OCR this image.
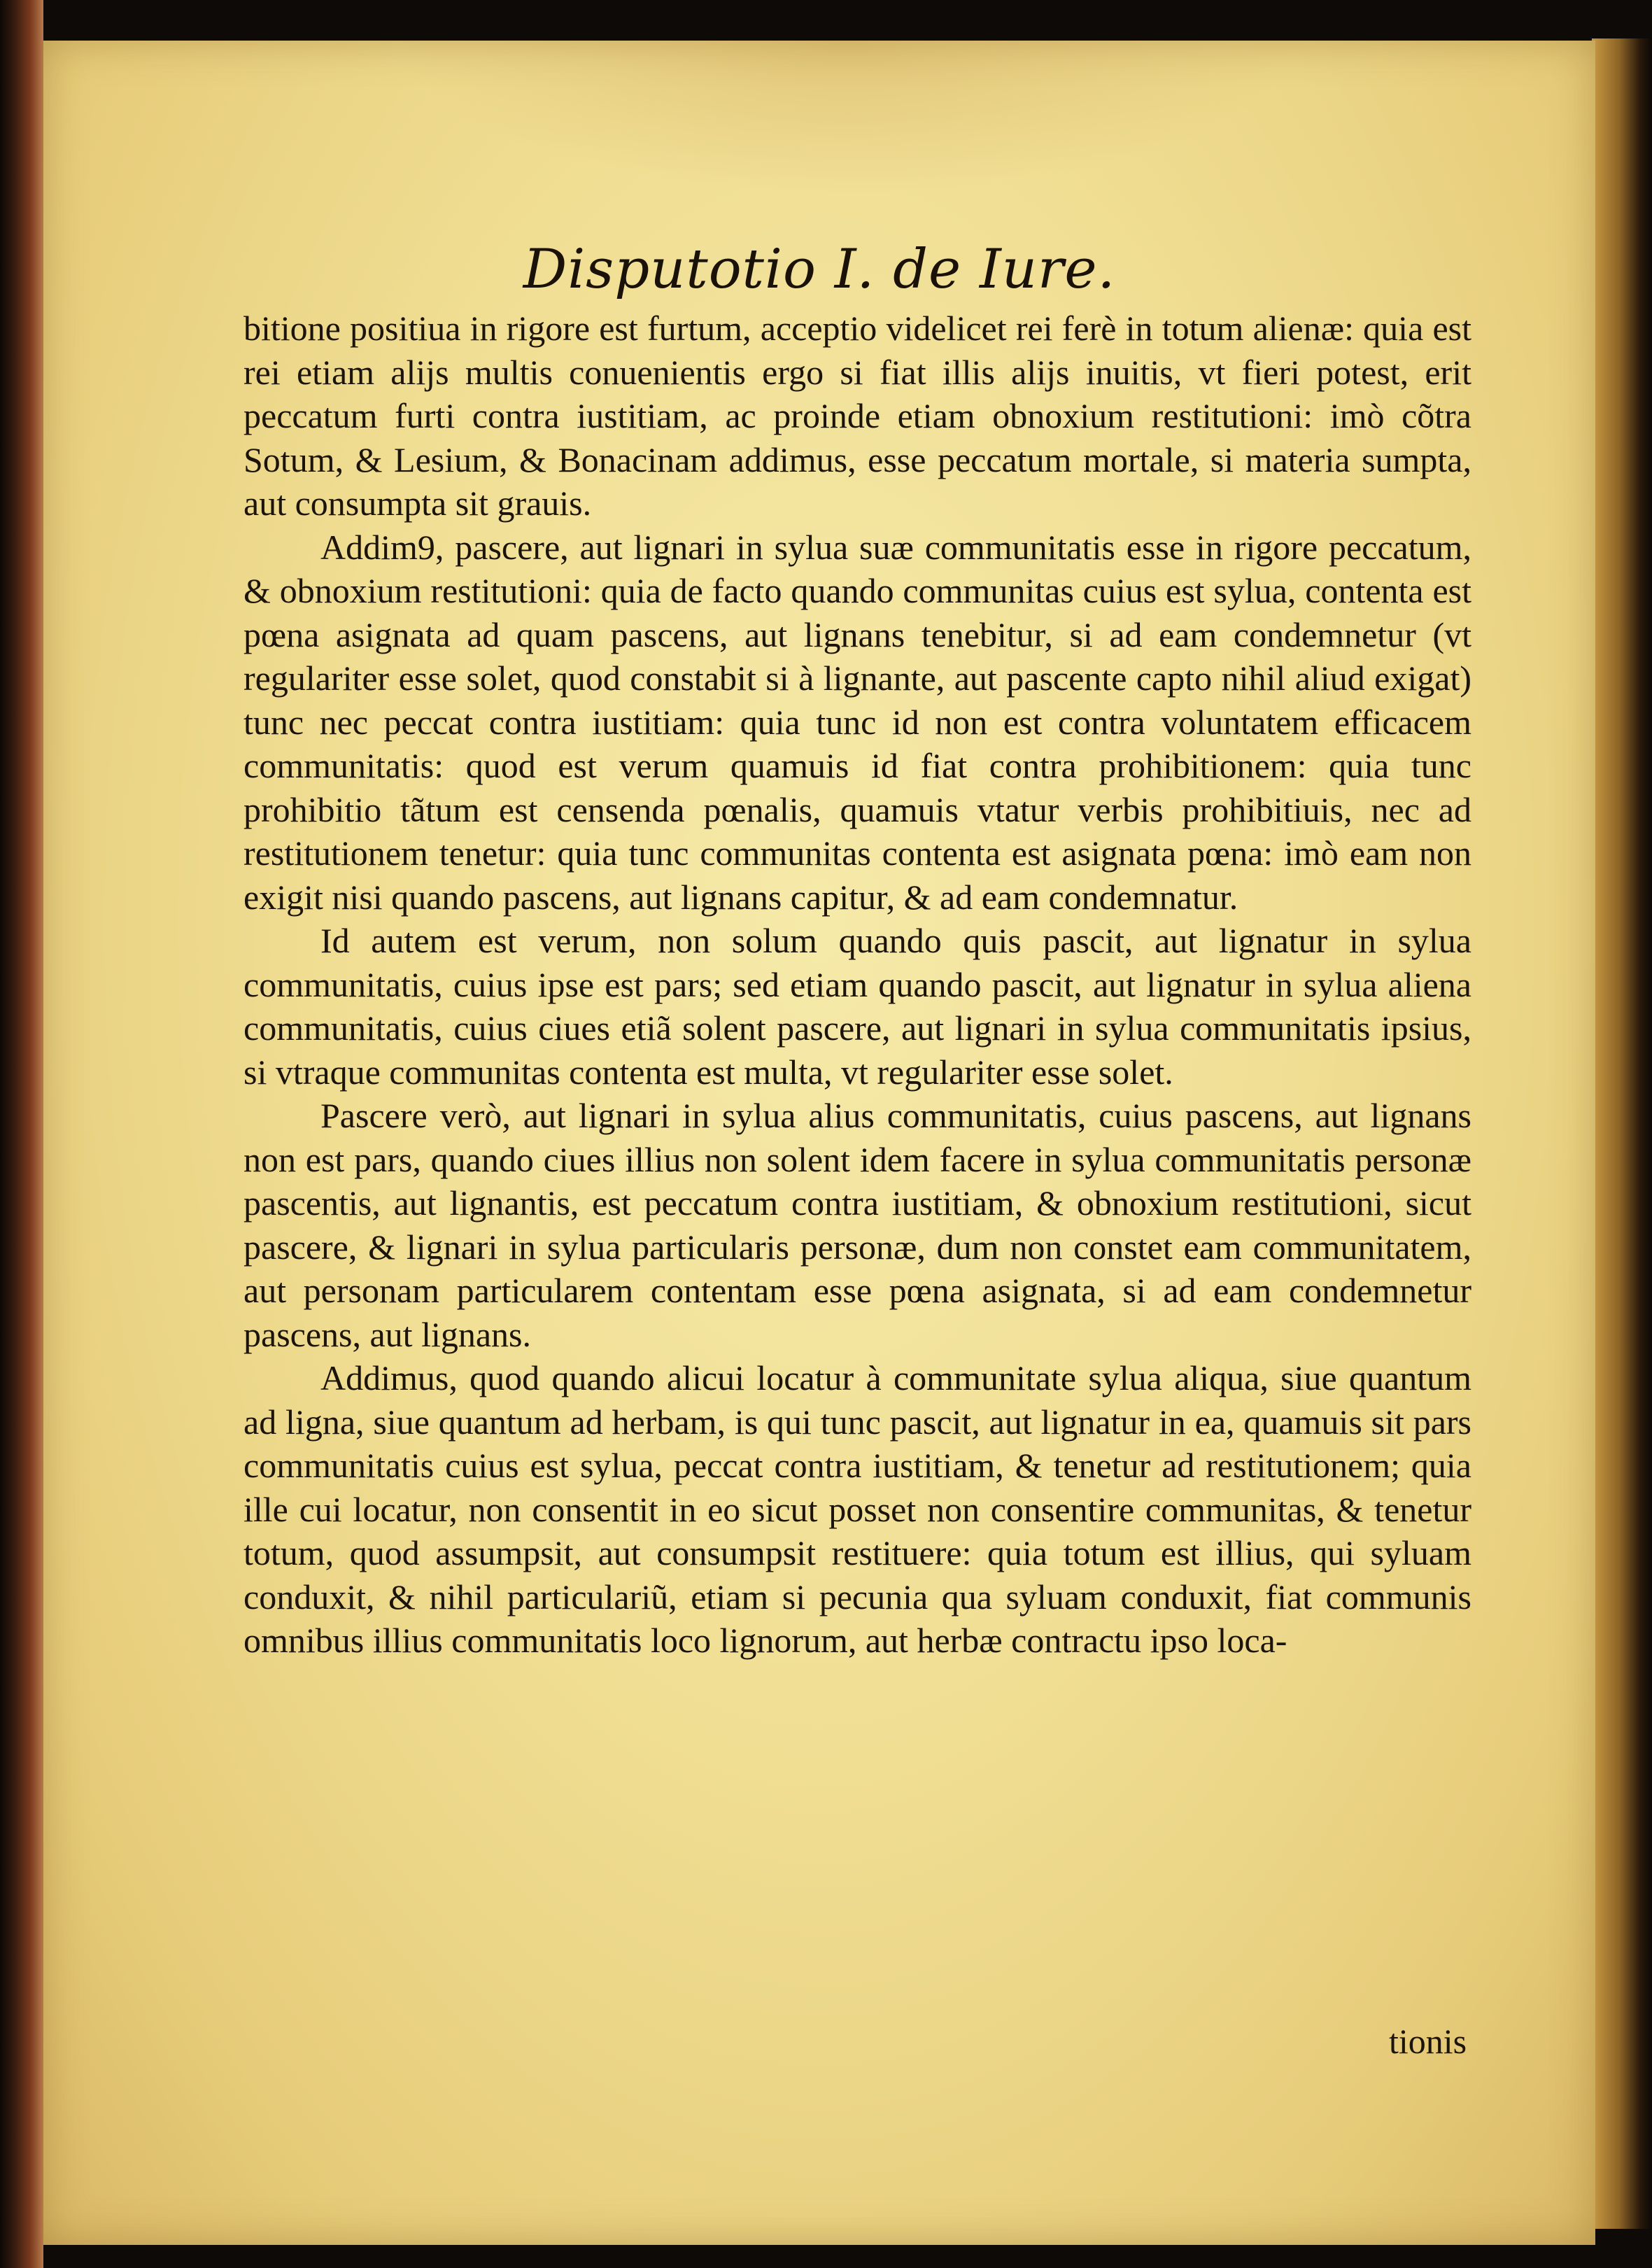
Disputotio I. de Iure.

bitione positiua in rigore est furtum, acceptio videlicet rei ferè in totum alienæ: quia est rei etiam alijs multis conuenientis ergo si fiat illis alijs inuitis, vt fieri potest, erit peccatum furti contra iustitiam, ac proinde etiam obnoxium restitutioni: imò cõtra Sotum, & Lesium, & Bonacinam addimus, esse peccatum mortale, si materia sumpta, aut consumpta sit grauis.

Addim9, pascere, aut lignari in sylua suæ communitatis esse in rigore peccatum, & obnoxium restitutioni: quia de facto quando communitas cuius est sylua, contenta est pœna asignata ad quam pascens, aut lignans tenebitur, si ad eam condemnetur (vt regulariter esse solet, quod constabit si à lignante, aut pascente capto nihil aliud exigat) tunc nec peccat contra iustitiam: quia tunc id non est contra voluntatem efficacem communitatis: quod est verum quamuis id fiat contra prohibitionem: quia tunc prohibitio tãtum est censenda pœnalis, quamuis vtatur verbis prohibitiuis, nec ad restitutionem tenetur: quia tunc communitas contenta est asignata pœna: imò eam non exigit nisi quando pascens, aut lignans capitur, & ad eam condemnatur.

Id autem est verum, non solum quando quis pascit, aut lignatur in sylua communitatis, cuius ipse est pars; sed etiam quando pascit, aut lignatur in sylua aliena communitatis, cuius ciues etiã solent pascere, aut lignari in sylua communitatis ipsius, si vtraque communitas contenta est multa, vt regulariter esse solet.

Pascere verò, aut lignari in sylua alius communitatis, cuius pascens, aut lignans non est pars, quando ciues illius non solent idem facere in sylua communitatis personæ pascentis, aut lignantis, est peccatum contra iustitiam, & obnoxium restitutioni, sicut pascere, & lignari in sylua particularis personæ, dum non constet eam communitatem, aut personam particularem contentam esse pœna asignata, si ad eam condemnetur pascens, aut lignans.

Addimus, quod quando alicui locatur à communitate sylua aliqua, siue quantum ad ligna, siue quantum ad herbam, is qui tunc pascit, aut lignatur in ea, quamuis sit pars communitatis cuius est sylua, peccat contra iustitiam, & tenetur ad restitutionem; quia ille cui locatur, non consentit in eo sicut posset non consentire communitas, & tenetur totum, quod assumpsit, aut consumpsit restituere: quia totum est illius, qui syluam conduxit, & nihil particulariũ, etiam si pecunia qua syluam conduxit, fiat communis omnibus illius communitatis loco lignorum, aut herbæ contractu ipso loca-

tionis
